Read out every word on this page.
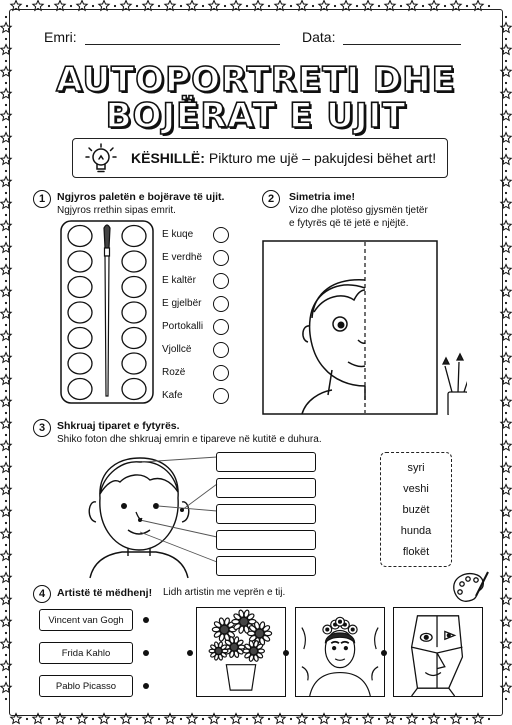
Emri:	Data:
AUTOPORTRETI DHE
BOJËRAT E UJIT
KËSHILLË: Pikturo me ujë – pakujdesi bëhet art!
1	Ngjyros paletën e bojërave të ujit.
Ngjyros rrethin sipas emrit.
E kuqe
E verdhë
E kaltër
E gjelbër
Portokalli
Vjollcë
Rozë
Kafe
2	Simetria ime!
Vizo dhe plotëso gjysmën tjetër
e fytyrës që të jetë e njëjtë.
3	Shkruaj tiparet e fytyrës.
Shiko foton dhe shkruaj emrin e tipareve në kutitë e duhura.
syri
veshi
buzët
hunda
flokët
4	Artistë të mëdhenj! Lidh artistin me veprën e tij.
Vincent van Gogh
Frida Kahlo
Pablo Picasso
